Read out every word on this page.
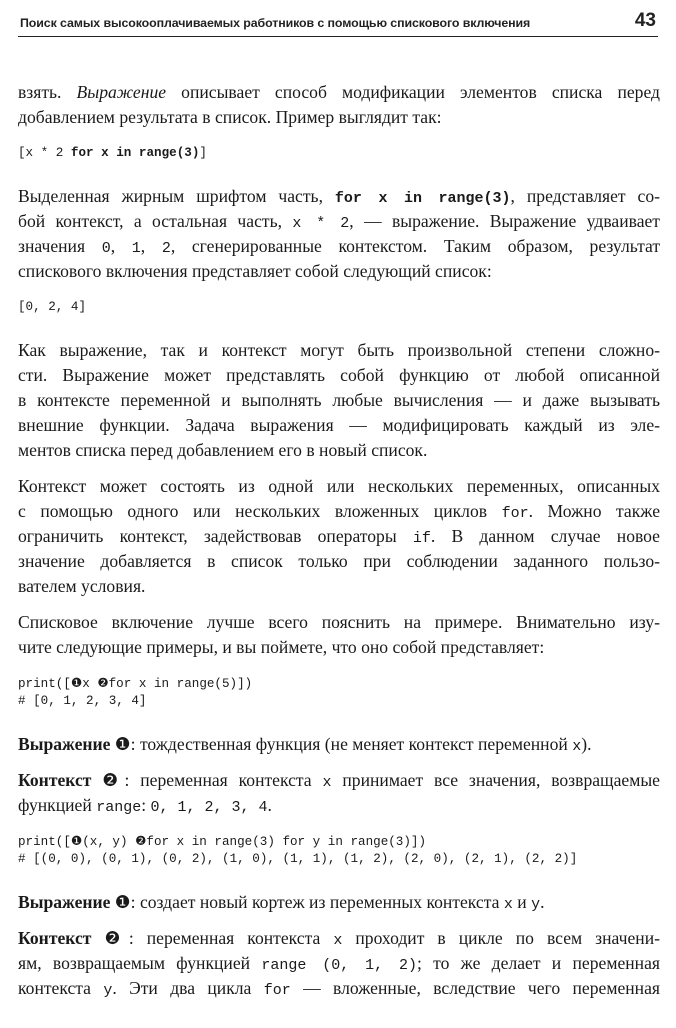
Поиск самых высокооплачиваемых работников с помощью спискового включения	43
взять. Выражение описывает способ модификации элементов списка перед
добавлением результата в список. Пример выглядит так:
[x * 2 for x in range(3)]
Выделенная жирным шрифтом часть, for x in range(3), представляет со-
бой контекст, а остальная часть, x * 2, — выражение. Выражение удваивает
значения 0, 1, 2, сгенерированные контекстом. Таким образом, результат
спискового включения представляет собой следующий список:
[0, 2, 4]
Как выражение, так и контекст могут быть произвольной степени сложно-
сти. Выражение может представлять собой функцию от любой описанной
в контексте переменной и выполнять любые вычисления — и даже вызывать
внешние функции. Задача выражения — модифицировать каждый из эле-
ментов списка перед добавлением его в новый список.
Контекст может состоять из одной или нескольких переменных, описанных
с помощью одного или нескольких вложенных циклов for. Можно также
ограничить контекст, задействовав операторы if. В данном случае новое
значение добавляется в список только при соблюдении заданного пользо-
вателем условия.
Списковое включение лучше всего пояснить на примере. Внимательно изу-
чите следующие примеры, и вы поймете, что оно собой представляет:
print([❶x ❷for x in range(5)])
# [0, 1, 2, 3, 4]
Выражение ❶: тождественная функция (не меняет контекст переменной x).
Контекст ❷: переменная контекста x принимает все значения, возвращаемые
функцией range: 0, 1, 2, 3, 4.
print([❶(x, y) ❷for x in range(3) for y in range(3)])
# [(0, 0), (0, 1), (0, 2), (1, 0), (1, 1), (1, 2), (2, 0), (2, 1), (2, 2)]
Выражение ❶: создает новый кортеж из переменных контекста x и y.
Контекст ❷: переменная контекста x проходит в цикле по всем значени-
ям, возвращаемым функцией range (0, 1, 2); то же делает и переменная
контекста y. Эти два цикла for — вложенные, вследствие чего переменная
